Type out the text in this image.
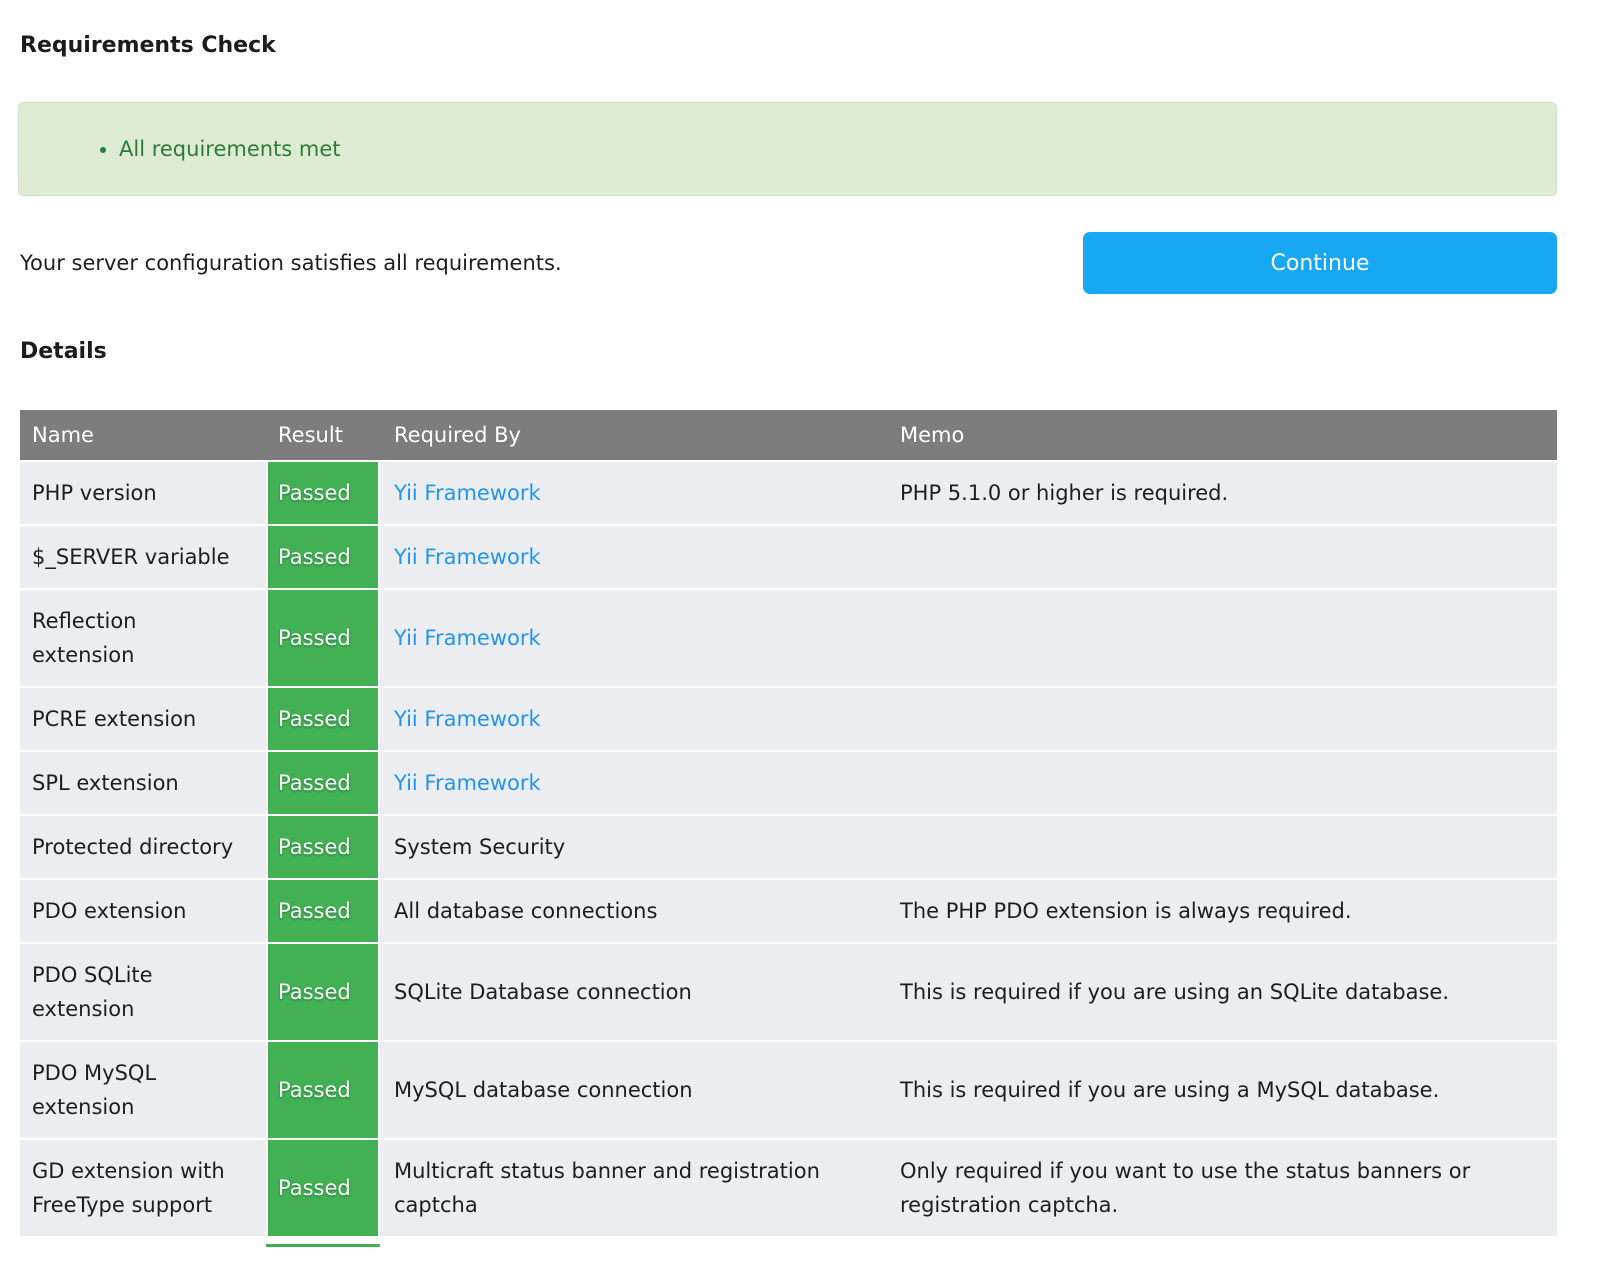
Requirements Check
• All requirements met

Your server configuration satisfies all requirements.	Continue
Details
Name	Result	Required By	Memo
PHP version	Passed	Yii Framework	PHP 5.1.0 or higher is required.
$_SERVER variable	Passed	Yii Framework	
Reflection extension	Passed	Yii Framework	
PCRE extension	Passed	Yii Framework	
SPL extension	Passed	Yii Framework	
Protected directory	Passed	System Security	
PDO extension	Passed	All database connections	The PHP PDO extension is always required.
PDO SQLite extension	Passed	SQLite Database connection	This is required if you are using an SQLite database.
PDO MySQL extension	Passed	MySQL database connection	This is required if you are using a MySQL database.
GD extension with FreeType support	Passed	Multicraft status banner and registration captcha	Only required if you want to use the status banners or registration captcha.
